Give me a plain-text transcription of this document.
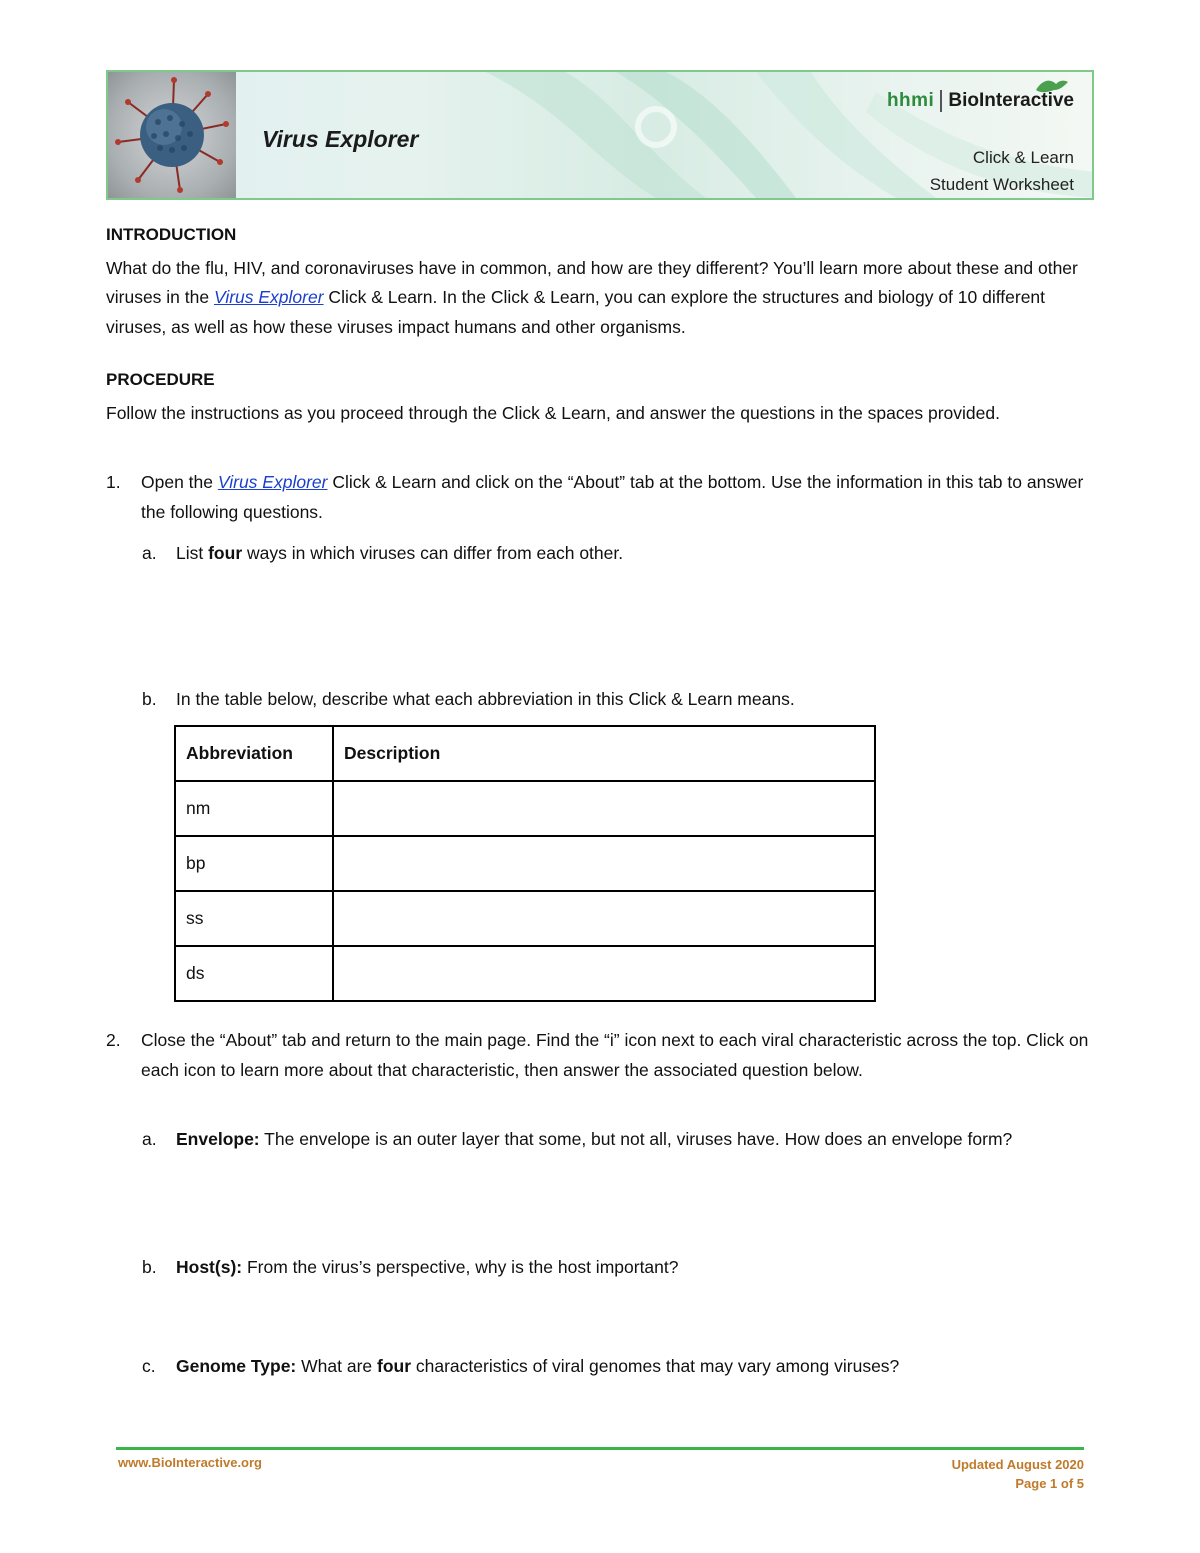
Virus Explorer
hhmi BioInteractive
Click & Learn
Student Worksheet

INTRODUCTION

What do the flu, HIV, and coronaviruses have in common, and how are they different? You’ll learn more about these and other viruses in the Virus Explorer Click & Learn. In the Click & Learn, you can explore the structures and biology of 10 different viruses, as well as how these viruses impact humans and other organisms.

PROCEDURE

Follow the instructions as you proceed through the Click & Learn, and answer the questions in the spaces provided.

1. Open the Virus Explorer Click & Learn and click on the “About” tab at the bottom. Use the information in this tab to answer the following questions.

a. List four ways in which viruses can differ from each other.

b. In the table below, describe what each abbreviation in this Click & Learn means.

Abbreviation	Description
nm	
bp	
ss	
ds	
2. Close the “About” tab and return to the main page. Find the “i” icon next to each viral characteristic across the top. Click on each icon to learn more about that characteristic, then answer the associated question below.

a. Envelope: The envelope is an outer layer that some, but not all, viruses have. How does an envelope form?

b. Host(s): From the virus’s perspective, why is the host important?

c. Genome Type: What are four characteristics of viral genomes that may vary among viruses?

www.BioInteractive.org	Updated August 2020
Page 1 of 5
